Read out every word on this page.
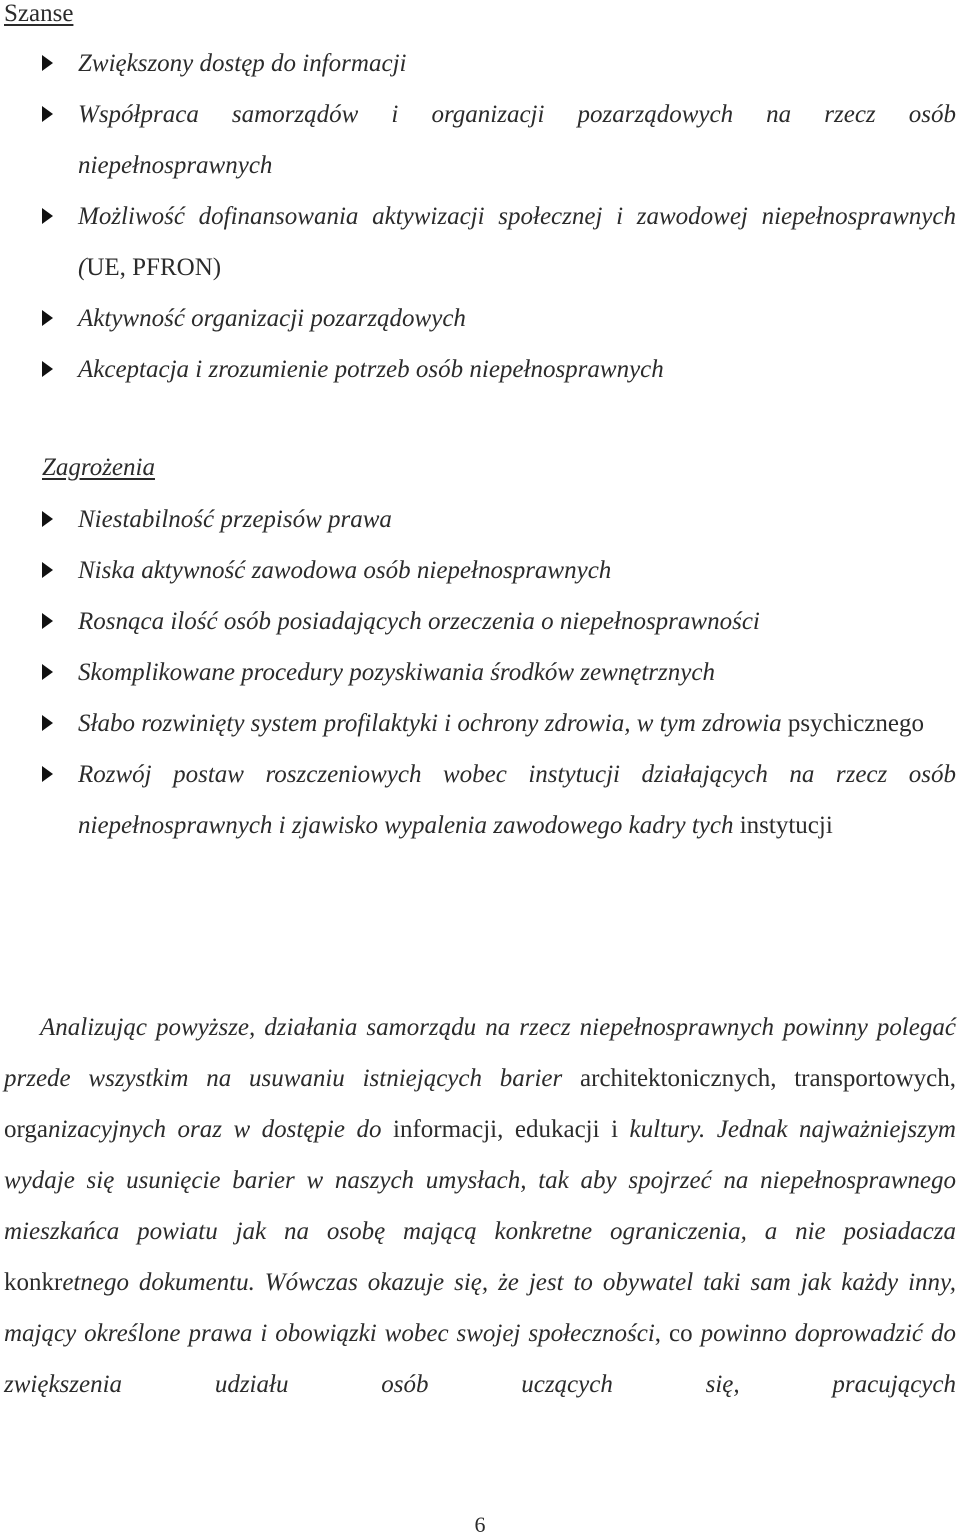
Szanse
Zwiększony dostęp do informacji
Współpraca samorządów i organizacji pozarządowych na rzecz osób niepełnosprawnych
Możliwość dofinansowania aktywizacji społecznej i zawodowej niepełnosprawnych (UE, PFRON)
Aktywność organizacji pozarządowych
Akceptacja i zrozumienie potrzeb osób niepełnosprawnych
Zagrożenia
Niestabilność przepisów prawa
Niska aktywność zawodowa osób niepełnosprawnych
Rosnąca ilość osób posiadających orzeczenia o niepełnosprawności
Skomplikowane procedury pozyskiwania środków zewnętrznych
Słabo rozwinięty system profilaktyki i ochrony zdrowia, w tym zdrowia psychicznego
Rozwój postaw roszczeniowych wobec instytucji działających na rzecz osób niepełnosprawnych i zjawisko wypalenia zawodowego kadry tych instytucji

Analizując powyższe, działania samorządu na rzecz niepełnosprawnych powinny polegać przede wszystkim na usuwaniu istniejących barier architektonicznych, transportowych, organizacyjnych oraz w dostępie do informacji, edukacji i kultury. Jednak najważniejszym wydaje się usunięcie barier w naszych umysłach, tak aby spojrzeć na niepełnosprawnego mieszkańca powiatu jak na osobę mającą konkretne ograniczenia, a nie posiadacza konkretnego dokumentu. Wówczas okazuje się, że jest to obywatel taki sam jak każdy inny, mający określone prawa i obowiązki wobec swojej społeczności, co powinno doprowadzić do zwiększenia udziału osób uczących się, pracujących

6
